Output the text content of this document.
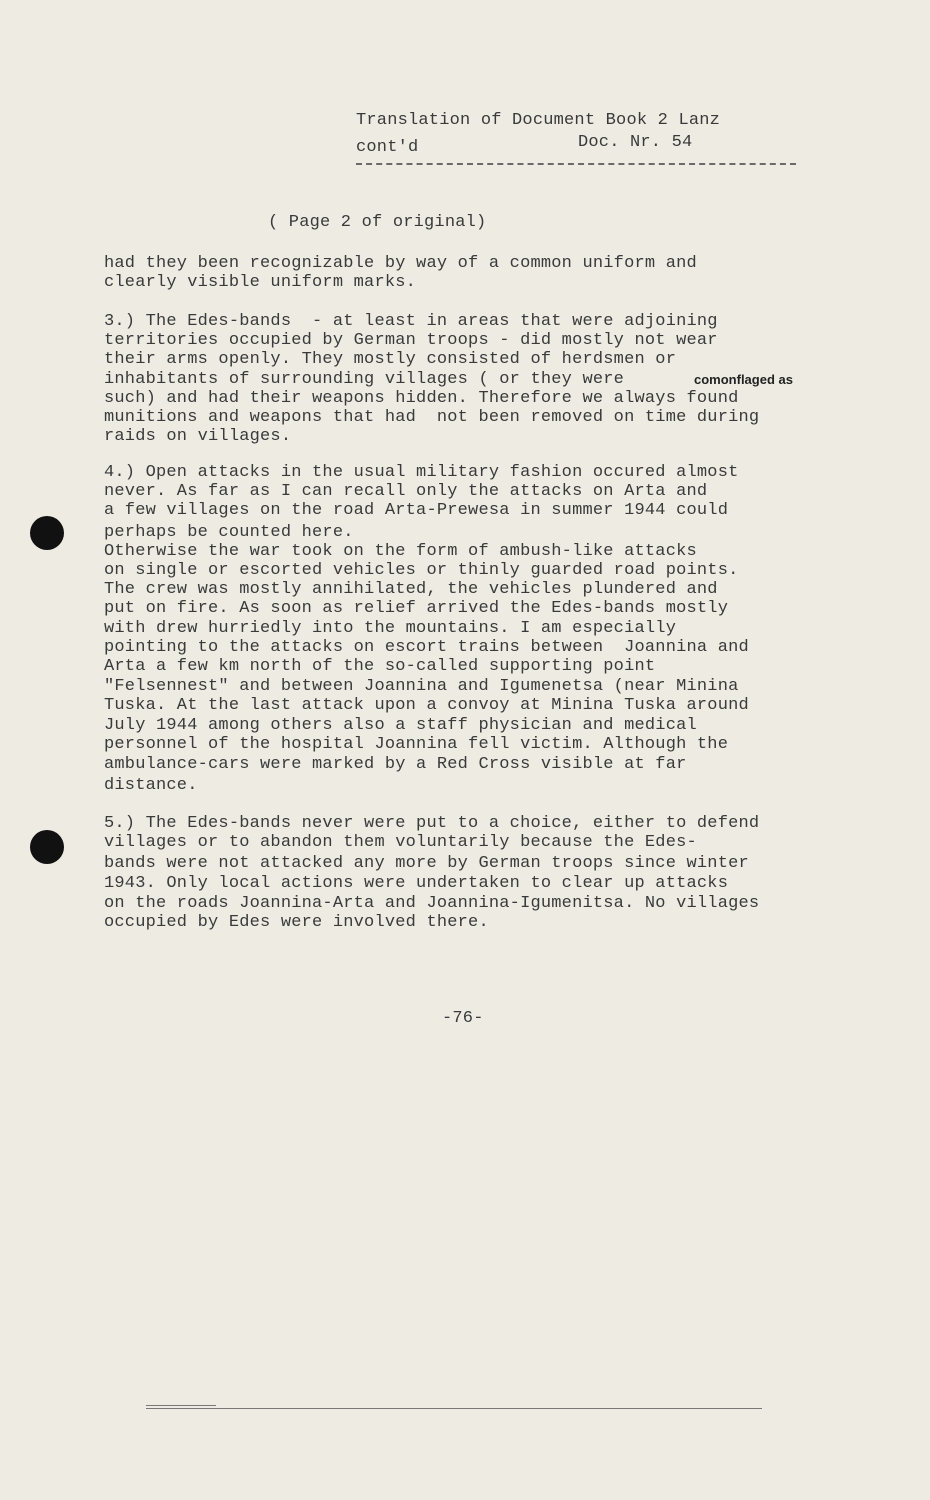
Translation of Document Book 2 Lanz
cont'd	Doc. Nr. 54
( Page 2 of original)
had they been recognizable by way of a common uniform and
clearly visible uniform marks.
3.) The Edes-bands  - at least in areas that were adjoining
territories occupied by German troops - did mostly not wear
their arms openly. They mostly consisted of herdsmen or
inhabitants of surrounding villages ( or they were	comonflaged as
such) and had their weapons hidden. Therefore we always found
munitions and weapons that had  not been removed on time during
raids on villages.
4.) Open attacks in the usual military fashion occured almost
never. As far as I can recall only the attacks on Arta and
a few villages on the road Arta-Prewesa in summer 1944 could
perhaps be counted here.
Otherwise the war took on the form of ambush-like attacks
on single or escorted vehicles or thinly guarded road points.
The crew was mostly annihilated, the vehicles plundered and
put on fire. As soon as relief arrived the Edes-bands mostly
with drew hurriedly into the mountains. I am especially
pointing to the attacks on escort trains between  Joannina and
Arta a few km north of the so-called supporting point
"Felsennest" and between Joannina and Igumenetsa (near Minina
Tuska. At the last attack upon a convoy at Minina Tuska around
July 1944 among others also a staff physician and medical
personnel of the hospital Joannina fell victim. Although the
ambulance-cars were marked by a Red Cross visible at far
distance.
5.) The Edes-bands never were put to a choice, either to defend
villages or to abandon them voluntarily because the Edes-
bands were not attacked any more by German troops since winter
1943. Only local actions were undertaken to clear up attacks
on the roads Joannina-Arta and Joannina-Igumenitsa. No villages
occupied by Edes were involved there.
-76-
